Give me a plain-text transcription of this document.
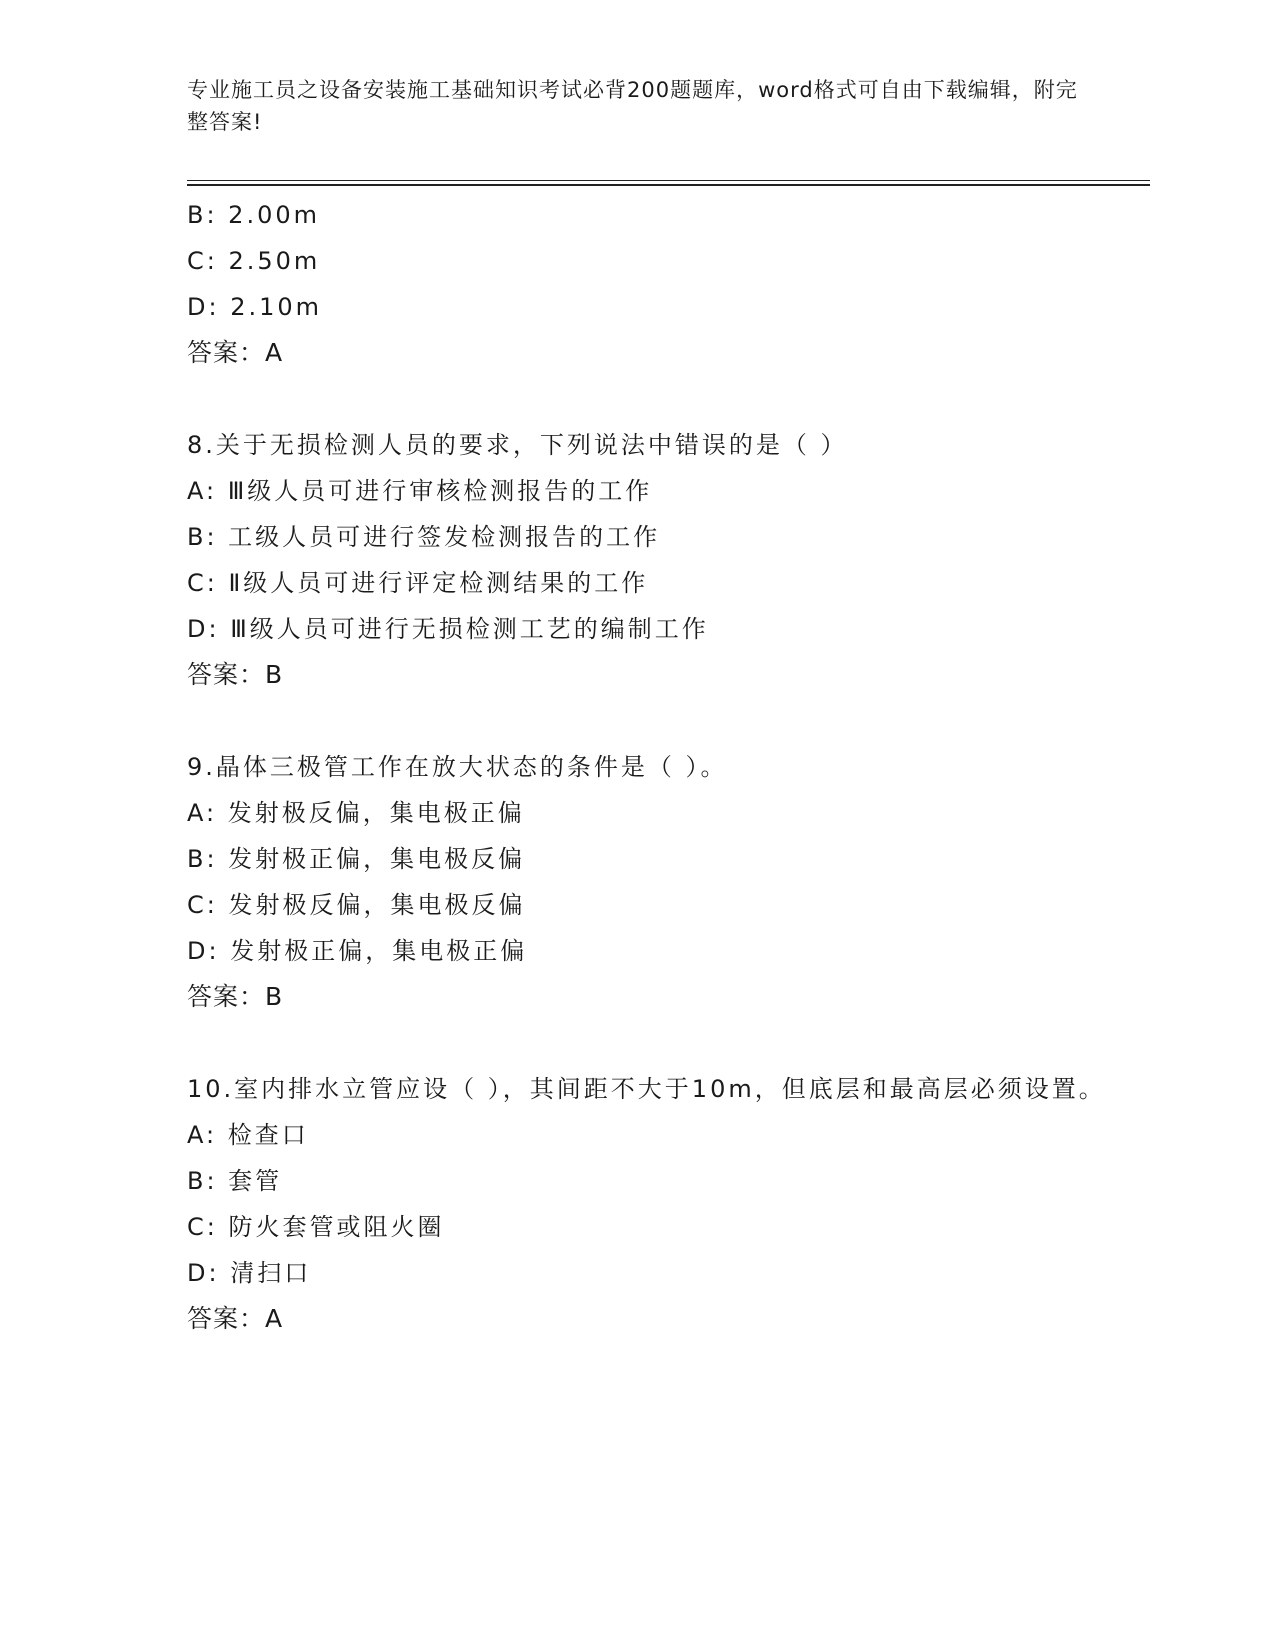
专业施工员之设备安装施工基础知识考试必背200题题库，word格式可自由下载编辑，附完整答案!
B: 2.00m
C: 2.50m
D: 2.10m
答案：A
8.关于无损检测人员的要求，下列说法中错误的是（ ）
A: Ⅲ级人员可进行审核检测报告的工作
B: 工级人员可进行签发检测报告的工作
C: Ⅱ级人员可进行评定检测结果的工作
D: Ⅲ级人员可进行无损检测工艺的编制工作
答案：B
9.晶体三极管工作在放大状态的条件是（ ）。
A: 发射极反偏，集电极正偏
B: 发射极正偏，集电极反偏
C: 发射极反偏，集电极反偏
D: 发射极正偏，集电极正偏
答案：B
10.室内排水立管应设（ ），其间距不大于10m，但底层和最高层必须设置。
A: 检查口
B: 套管
C: 防火套管或阻火圈
D: 清扫口
答案：A
